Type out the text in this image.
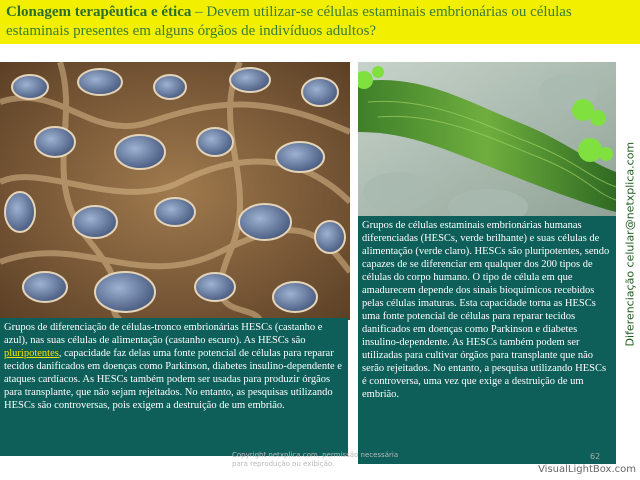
Clonagem terapêutica e ética – Devem utilizar-se células estaminais embrionárias ou células estaminais presentes em alguns órgãos de indivíduos adultos?
Grupos de diferenciação de células-tronco embrionárias HESCs (castanho e azul), nas suas células de alimentação (castanho escuro). As HESCs são pluripotentes, capacidade faz delas uma fonte potencial de células para reparar tecidos danificados em doenças como Parkinson, diabetes insulino-dependente e ataques cardíacos. As HESCs também podem ser usadas para produzir órgãos para transplante, que não sejam rejeitados. No entanto, as pesquisas utilizando HESCs são controversas, pois exigem a destruição de um embrião.
Grupos de células estaminais embrionárias humanas diferenciadas (HESCs, verde brilhante) e suas células de alimentação (verde claro). HESCs são pluripotentes, sendo capazes de se diferenciar em qualquer dos 200 tipos de células do corpo humano. O tipo de célula em que amadurecem depende dos sinais bioquímicos recebidos pelas células imaturas. Esta capacidade torna as HESCs uma fonte potencial de células para reparar tecidos danificados em doenças como Parkinson e diabetes insulino-dependente. As HESCs também podem ser utilizadas para cultivar órgãos para transplante que não serão rejeitados. No entanto, a pesquisa utilizando HESCs é controversa, uma vez que exige a destruição de um embrião.
Diferenciação celular@netxplica.com
Copyright netxplica.com, permissão necessária para reprodução ou exibição.
62
VisualLightBox.com
